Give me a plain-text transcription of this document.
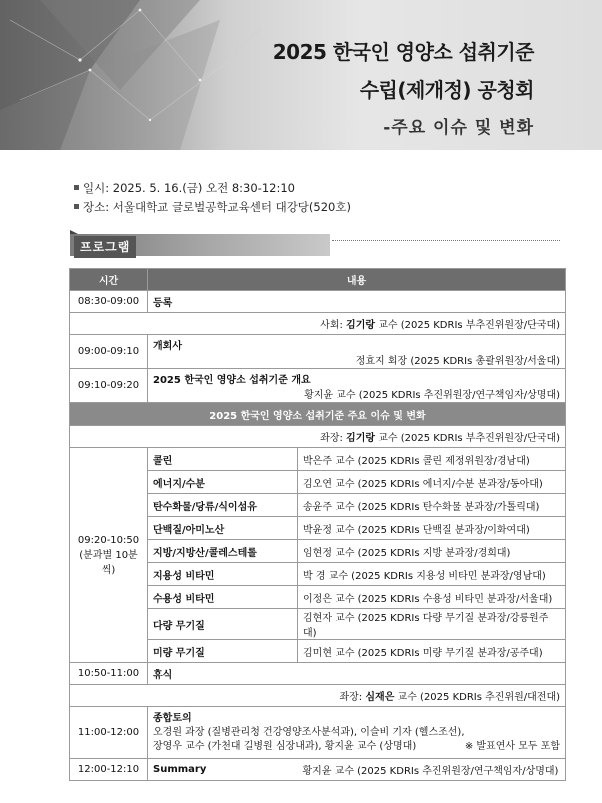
2025 한국인 영양소 섭취기준
수립(제개정) 공청회
-주요 이슈 및 변화
일시: 2025. 5. 16.(금) 오전 8:30-12:10
장소: 서울대학교 글로벌공학교육센터 대강당(520호)
프로그램
시간	내용	
08:30-09:00	등록	
사회: 김기랑 교수 (2025 KDRIs 부추진위원장/단국대)		
09:00-09:10	개회사
정효지 회장 (2025 KDRIs 총괄위원장/서울대)	

09:10-09:20	2025 한국인 영양소 섭취기준 개요
황지윤 교수 (2025 KDRIs 추진위원장/연구책임자/상명대)	

2025 한국인 영양소 섭취기준 주요 이슈 및 변화		
좌장: 김기랑 교수 (2025 KDRIs 부추진위원장/단국대)		

09:20-10:50
(분과별 10분씩)	콜린	박은주 교수 (2025 KDRIs 콜린 제정위원장/경남대)
	에너지/수분	김오연 교수 (2025 KDRIs 에너지/수분 분과장/동아대)
	탄수화물/당류/식이섬유	송윤주 교수 (2025 KDRIs 탄수화물 분과장/가톨릭대)
	단백질/아미노산	박윤정 교수 (2025 KDRIs 단백질 분과장/이화여대)
	지방/지방산/콜레스테롤	임현정 교수 (2025 KDRIs 지방 분과장/경희대)
	지용성 비타민	박 경 교수 (2025 KDRIs 지용성 비타민 분과장/영남대)
	수용성 비타민	이정은 교수 (2025 KDRIs 수용성 비타민 분과장/서울대)
	다량 무기질	김현자 교수 (2025 KDRIs 다량 무기질 분과장/강릉원주대)
	미량 무기질	김미현 교수 (2025 KDRIs 미량 무기질 분과장/공주대)
10:50-11:00	휴식	
좌장: 심재은 교수 (2025 KDRIs 추진위원/대전대)		
11:00-12:00	종합토의
오경원 과장 (질병관리청 건강영양조사분석과), 이슬비 기자 (헬스조선),
장영우 교수 (가천대 길병원 심장내과), 황지윤 교수 (상명대) ※ 발표연사 모두 포함	

12:00-12:10	Summary	황지윤 교수 (2025 KDRIs 추진위원장/연구책임자/상명대)
